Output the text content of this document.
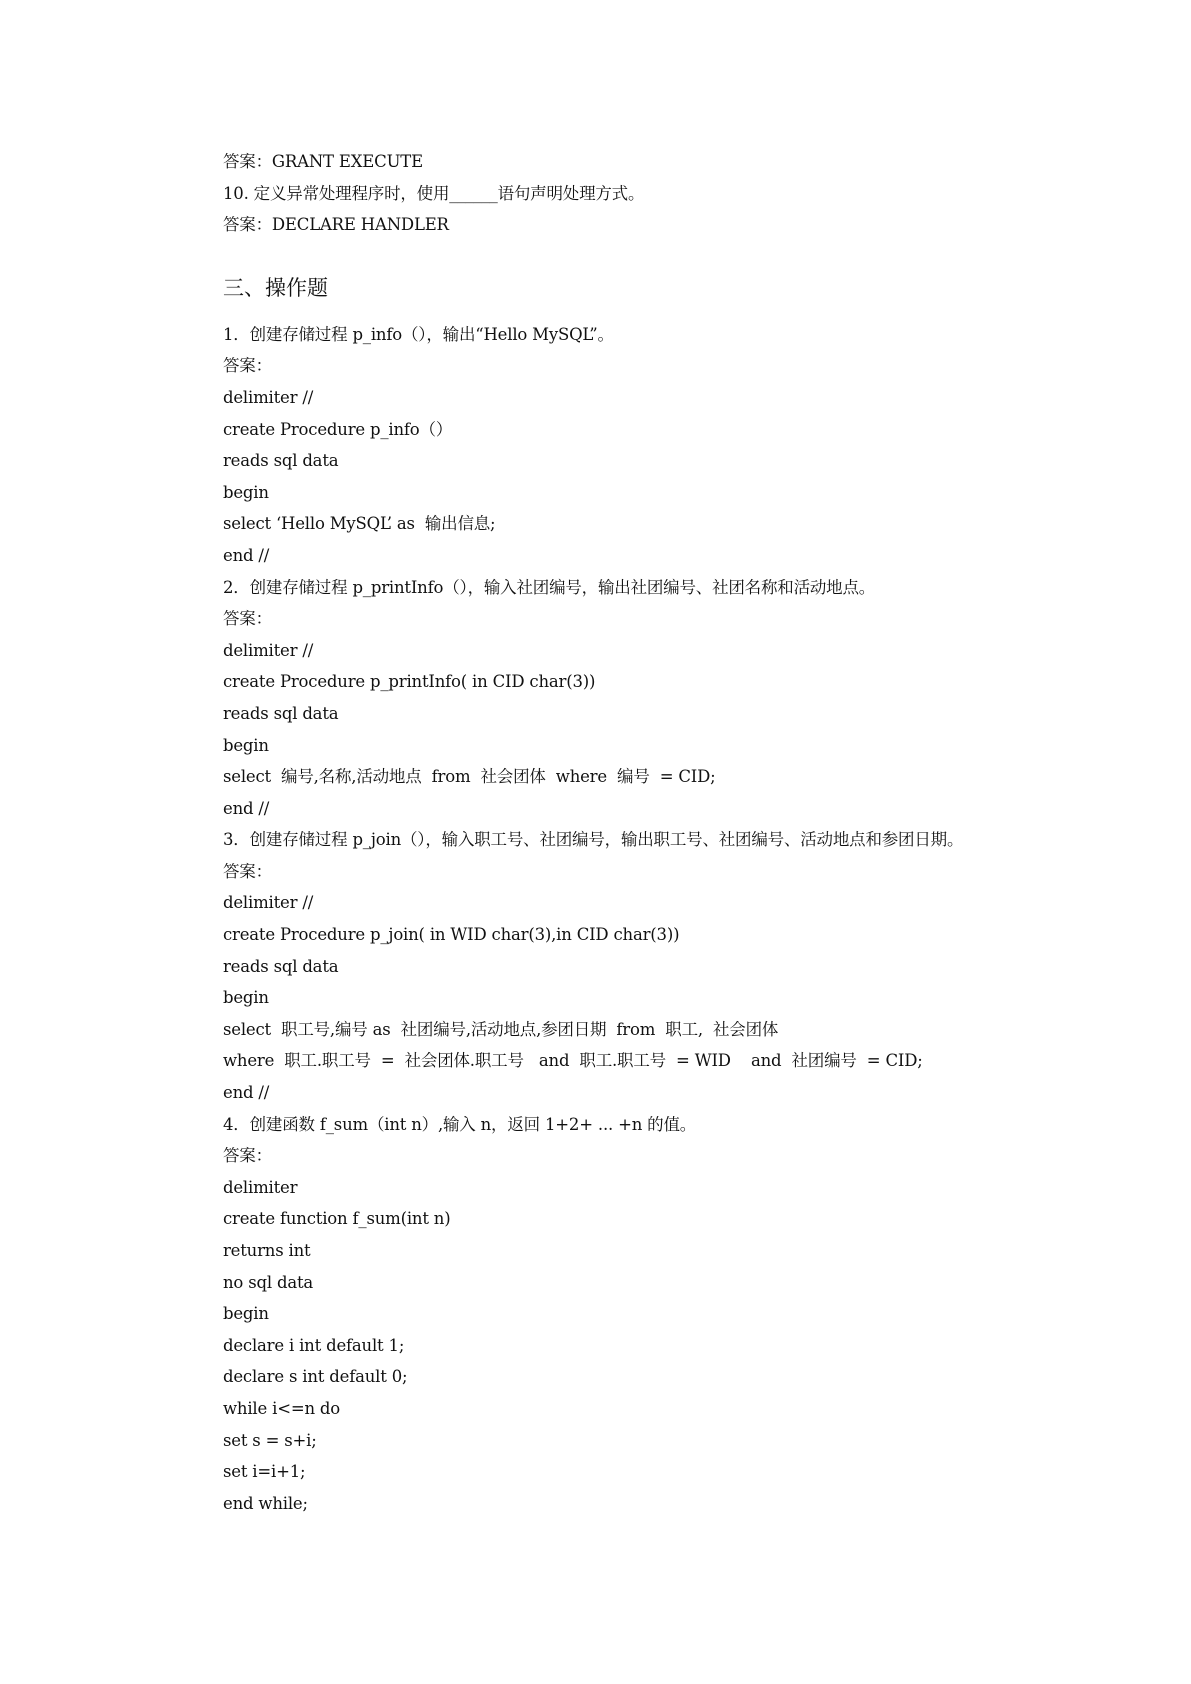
答案：GRANT EXECUTE
10. 定义异常处理程序时，使用______语句声明处理方式。
答案：DECLARE HANDLER
三、操作题
1．创建存储过程 p_info（），输出“Hello MySQL”。
答案：
delimiter //
create Procedure p_info（）
reads sql data
begin
select ‘Hello MySQL’ as  输出信息;
end //
2．创建存储过程 p_printInfo（），输入社团编号，输出社团编号、社团名称和活动地点。
答案：
delimiter //
create Procedure p_printInfo( in CID char(3))
reads sql data
begin
select  编号,名称,活动地点  from  社会团体  where  编号  = CID;
end //
3．创建存储过程 p_join（），输入职工号、社团编号，输出职工号、社团编号、活动地点和参团日期。
答案：
delimiter //
create Procedure p_join( in WID char(3),in CID char(3))
reads sql data
begin
select  职工号,编号 as  社团编号,活动地点,参团日期  from  职工,  社会团体
where  职工.职工号  =  社会团体.职工号   and  职工.职工号  = WID    and  社团编号  = CID;
end //
4．创建函数 f_sum（int n）,输入 n，返回 1+2+ ... +n 的值。
答案：
delimiter
create function f_sum(int n)
returns int
no sql data
begin
declare i int default 1;
declare s int default 0;
while i<=n do
set s = s+i;
set i=i+1;
end while;
